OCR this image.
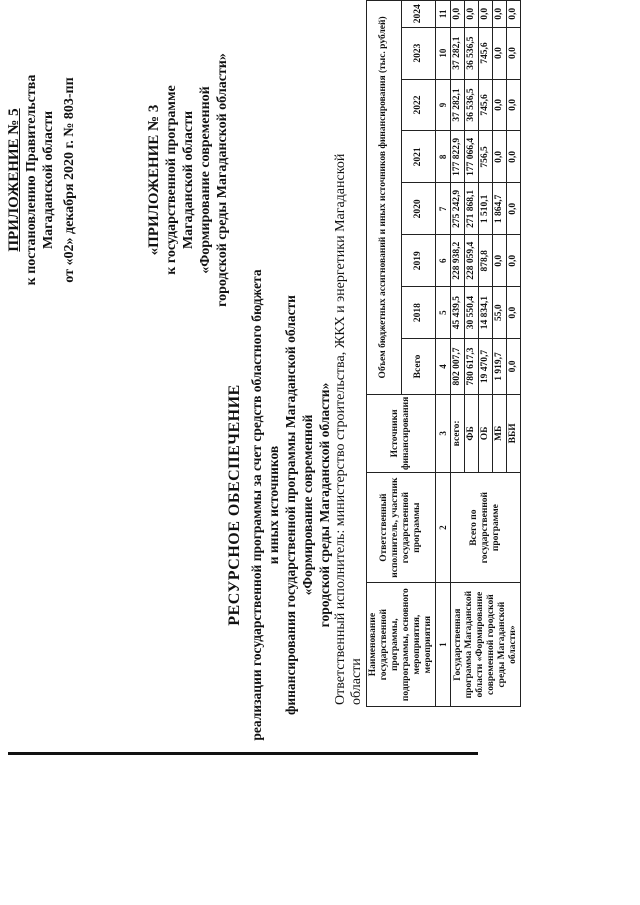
ПРИЛОЖЕНИЕ № 5 к постановлению Правительства Магаданской области от «02» декабря 2020 г. № 803-пп	«ПРИЛОЖЕНИЕ № 3 к государственной программе Магаданской области «Формирование современной городской среды Магаданской области»
РЕСУРСНОЕ ОБЕСПЕЧЕНИЕ реализации государственной программы за счет средств областного бюджета и иных источников финансирования государственной программы Магаданской области «Формирование современной городской среды Магаданской области» Ответственный исполнитель: министерство строительства, ЖКХ и энергетики Магаданской области
Наименование государственной программы, подпрограммы, основного мероприятия, мероприятия	Ответственный исполнитель, участник государственной программы	Источники финансирования	Объем бюджетных ассигнований и иных источников финансирования (тыс. рублей)							
			Всего	2018	2019	2020	2021	2022	2023	2024
1	2	3	4	5	6	7	8	9	10	11
Государственная программа Магаданской области «Формирование современной городской среды Магаданской области»	Всего по государственной программе	всего:	802 007,7	45 439,5	228 938,2	275 242,9	177 822,9	37 282,1	37 282,1	0,0
		ФБ	780 617,3	30 550,4	228 059,4	271 868,1	177 066,4	36 536,5	36 536,5	0,0
		ОБ	19 470,7	14 834,1	878,8	1 510,1	756,5	745,6	745,6	0,0
		МБ	1 919,7	55,0	0,0	1 864,7	0,0	0,0	0,0	0,0
		ВБИ	0,0	0,0	0,0	0,0	0,0	0,0	0,0	0,0
